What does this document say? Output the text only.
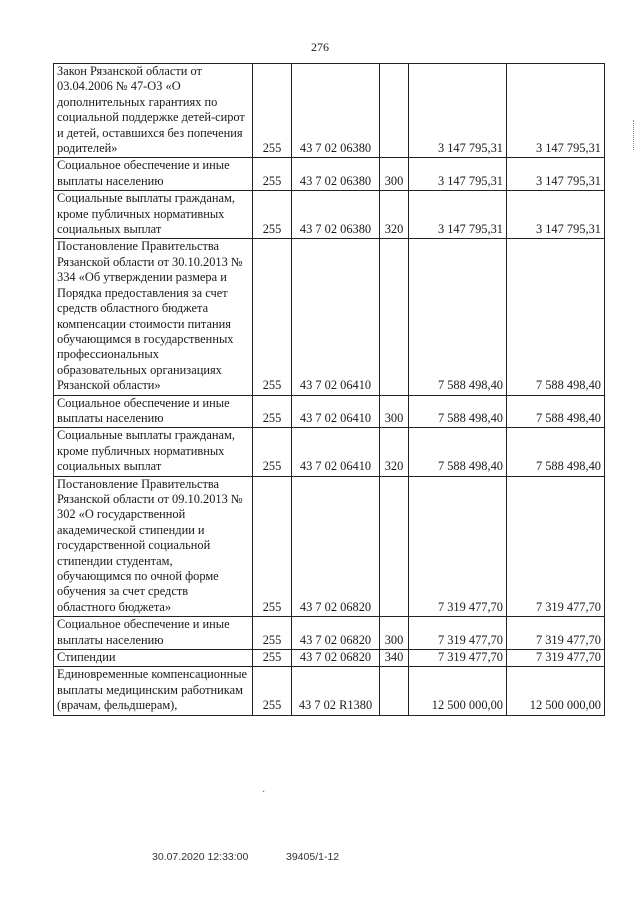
276
Закон Рязанской области от 03.04.2006 № 47-ОЗ «О дополнительных гарантиях по социальной поддержке детей-сирот и детей, оставшихся без попечения родителей»	255	43 7 02 06380		3 147 795,31	3 147 795,31
Социальное обеспечение и иные выплаты населению	255	43 7 02 06380	300	3 147 795,31	3 147 795,31
Социальные выплаты гражданам, кроме публичных нормативных социальных выплат	255	43 7 02 06380	320	3 147 795,31	3 147 795,31
Постановление Правительства Рязанской области от 30.10.2013 № 334 «Об утверждении размера и Порядка предоставления за счет средств областного бюджета компенсации стоимости питания обучающимся в государственных профессиональных образовательных организациях Рязанской области»	255	43 7 02 06410		7 588 498,40	7 588 498,40
Социальное обеспечение и иные выплаты населению	255	43 7 02 06410	300	7 588 498,40	7 588 498,40
Социальные выплаты гражданам, кроме публичных нормативных социальных выплат	255	43 7 02 06410	320	7 588 498,40	7 588 498,40
Постановление Правительства Рязанской области от 09.10.2013 № 302 «О государственной академической стипендии и государственной социальной стипендии студентам, обучающимся по очной форме обучения за счет средств областного бюджета»	255	43 7 02 06820		7 319 477,70	7 319 477,70
Социальное обеспечение и иные выплаты населению	255	43 7 02 06820	300	7 319 477,70	7 319 477,70
Стипендии	255	43 7 02 06820	340	7 319 477,70	7 319 477,70
Единовременные компенсационные выплаты медицинским работникам (врачам, фельдшерам),	255	43 7 02 R1380		12 500 000,00	12 500 000,00
·
30.07.2020 12:33:00	39405/1-12
